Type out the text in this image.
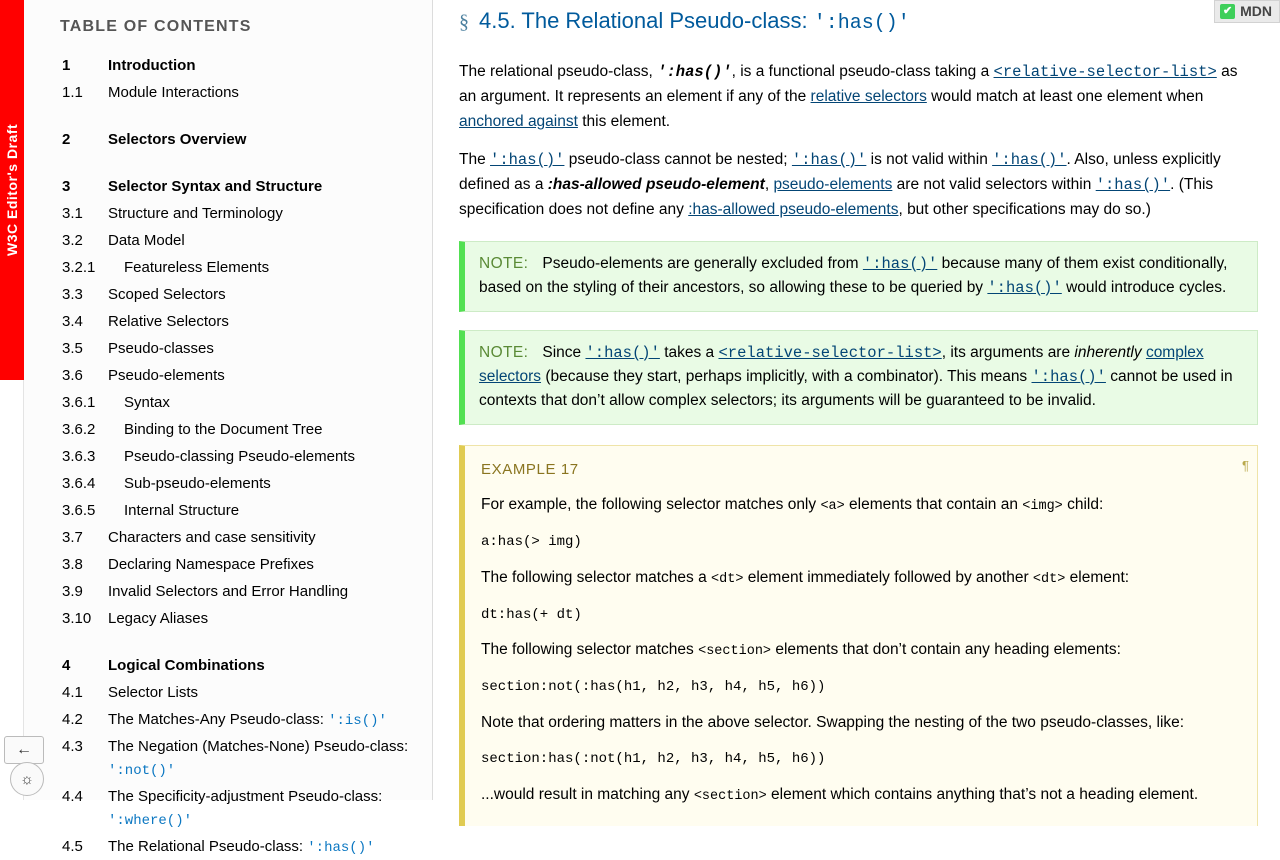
W3C Editor's Draft
TABLE OF CONTENTS
1	Introduction
1.1	Module Interactions
2	Selectors Overview
3	Selector Syntax and Structure
3.1	Structure and Terminology
3.2	Data Model
3.2.1	Featureless Elements
3.3	Scoped Selectors
3.4	Relative Selectors
3.5	Pseudo-classes
3.6	Pseudo-elements
3.6.1	Syntax
3.6.2	Binding to the Document Tree
3.6.3	Pseudo-classing Pseudo-elements
3.6.4	Sub-pseudo-elements
3.6.5	Internal Structure
3.7	Characters and case sensitivity
3.8	Declaring Namespace Prefixes
3.9	Invalid Selectors and Error Handling
3.10	Legacy Aliases
4	Logical Combinations
4.1	Selector Lists
4.2	The Matches-Any Pseudo-class: ':is()'
4.3	The Negation (Matches-None) Pseudo-class: ':not()'
4.4	The Specificity-adjustment Pseudo-class: ':where()'
4.5	The Relational Pseudo-class: ':has()'
✔ MDN
§ 4.5. The Relational Pseudo-class: ':has()'

The relational pseudo-class, ':has()', is a functional pseudo-class taking a <relative-selector-list> as an argument. It represents an element if any of the relative selectors would match at least one element when anchored against this element.

The ':has()' pseudo-class cannot be nested; ':has()' is not valid within ':has()'. Also, unless explicitly defined as a :has-allowed pseudo-element, pseudo-elements are not valid selectors within ':has()'. (This specification does not define any :has-allowed pseudo-elements, but other specifications may do so.)

NOTE: Pseudo-elements are generally excluded from ':has()' because many of them exist conditionally, based on the styling of their ancestors, so allowing these to be queried by ':has()' would introduce cycles.
NOTE: Since ':has()' takes a <relative-selector-list>, its arguments are inherently complex selectors (because they start, perhaps implicitly, with a combinator). This means ':has()' cannot be used in contexts that don’t allow complex selectors; its arguments will be guaranteed to be invalid.
¶
EXAMPLE 17

For example, the following selector matches only <a> elements that contain an <img> child:

a:has(> img)

The following selector matches a <dt> element immediately followed by another <dt> element:

dt:has(+ dt)

The following selector matches <section> elements that don’t contain any heading elements:

section:not(:has(h1, h2, h3, h4, h5, h6))

Note that ordering matters in the above selector. Swapping the nesting of the two pseudo-classes, like:

section:has(:not(h1, h2, h3, h4, h5, h6))

...would result in matching any <section> element which contains anything that’s not a heading element.

←
☼
